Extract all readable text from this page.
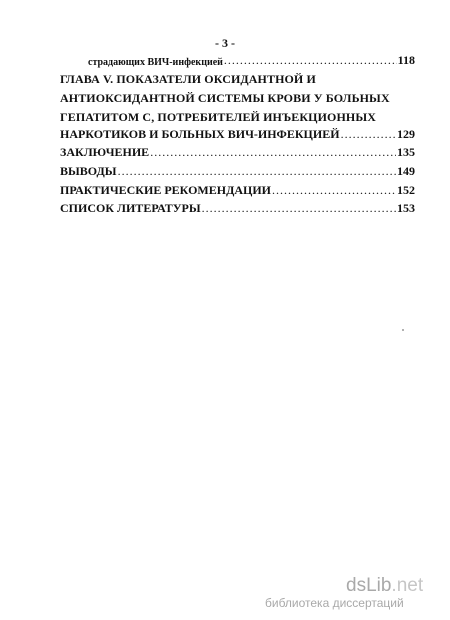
- 3 -
страдающих ВИЧ-инфекцией .....	118
ГЛАВА V. ПОКАЗАТЕЛИ ОКСИДАНТНОЙ И
АНТИОКСИДАНТНОЙ СИСТЕМЫ КРОВИ У БОЛЬНЫХ
ГЕПАТИТОМ С, ПОТРЕБИТЕЛЕЙ ИНЪЕКЦИОННЫХ
НАРКОТИКОВ И БОЛЬНЫХ ВИЧ-ИНФЕКЦИЕЙ .....	129
ЗАКЛЮЧЕНИЕ .....	135
ВЫВОДЫ .....	149
ПРАКТИЧЕСКИЕ РЕКОМЕНДАЦИИ .....	152
СПИСОК ЛИТЕРАТУРЫ .....	153
dsLib.net
библиотека диссертаций
